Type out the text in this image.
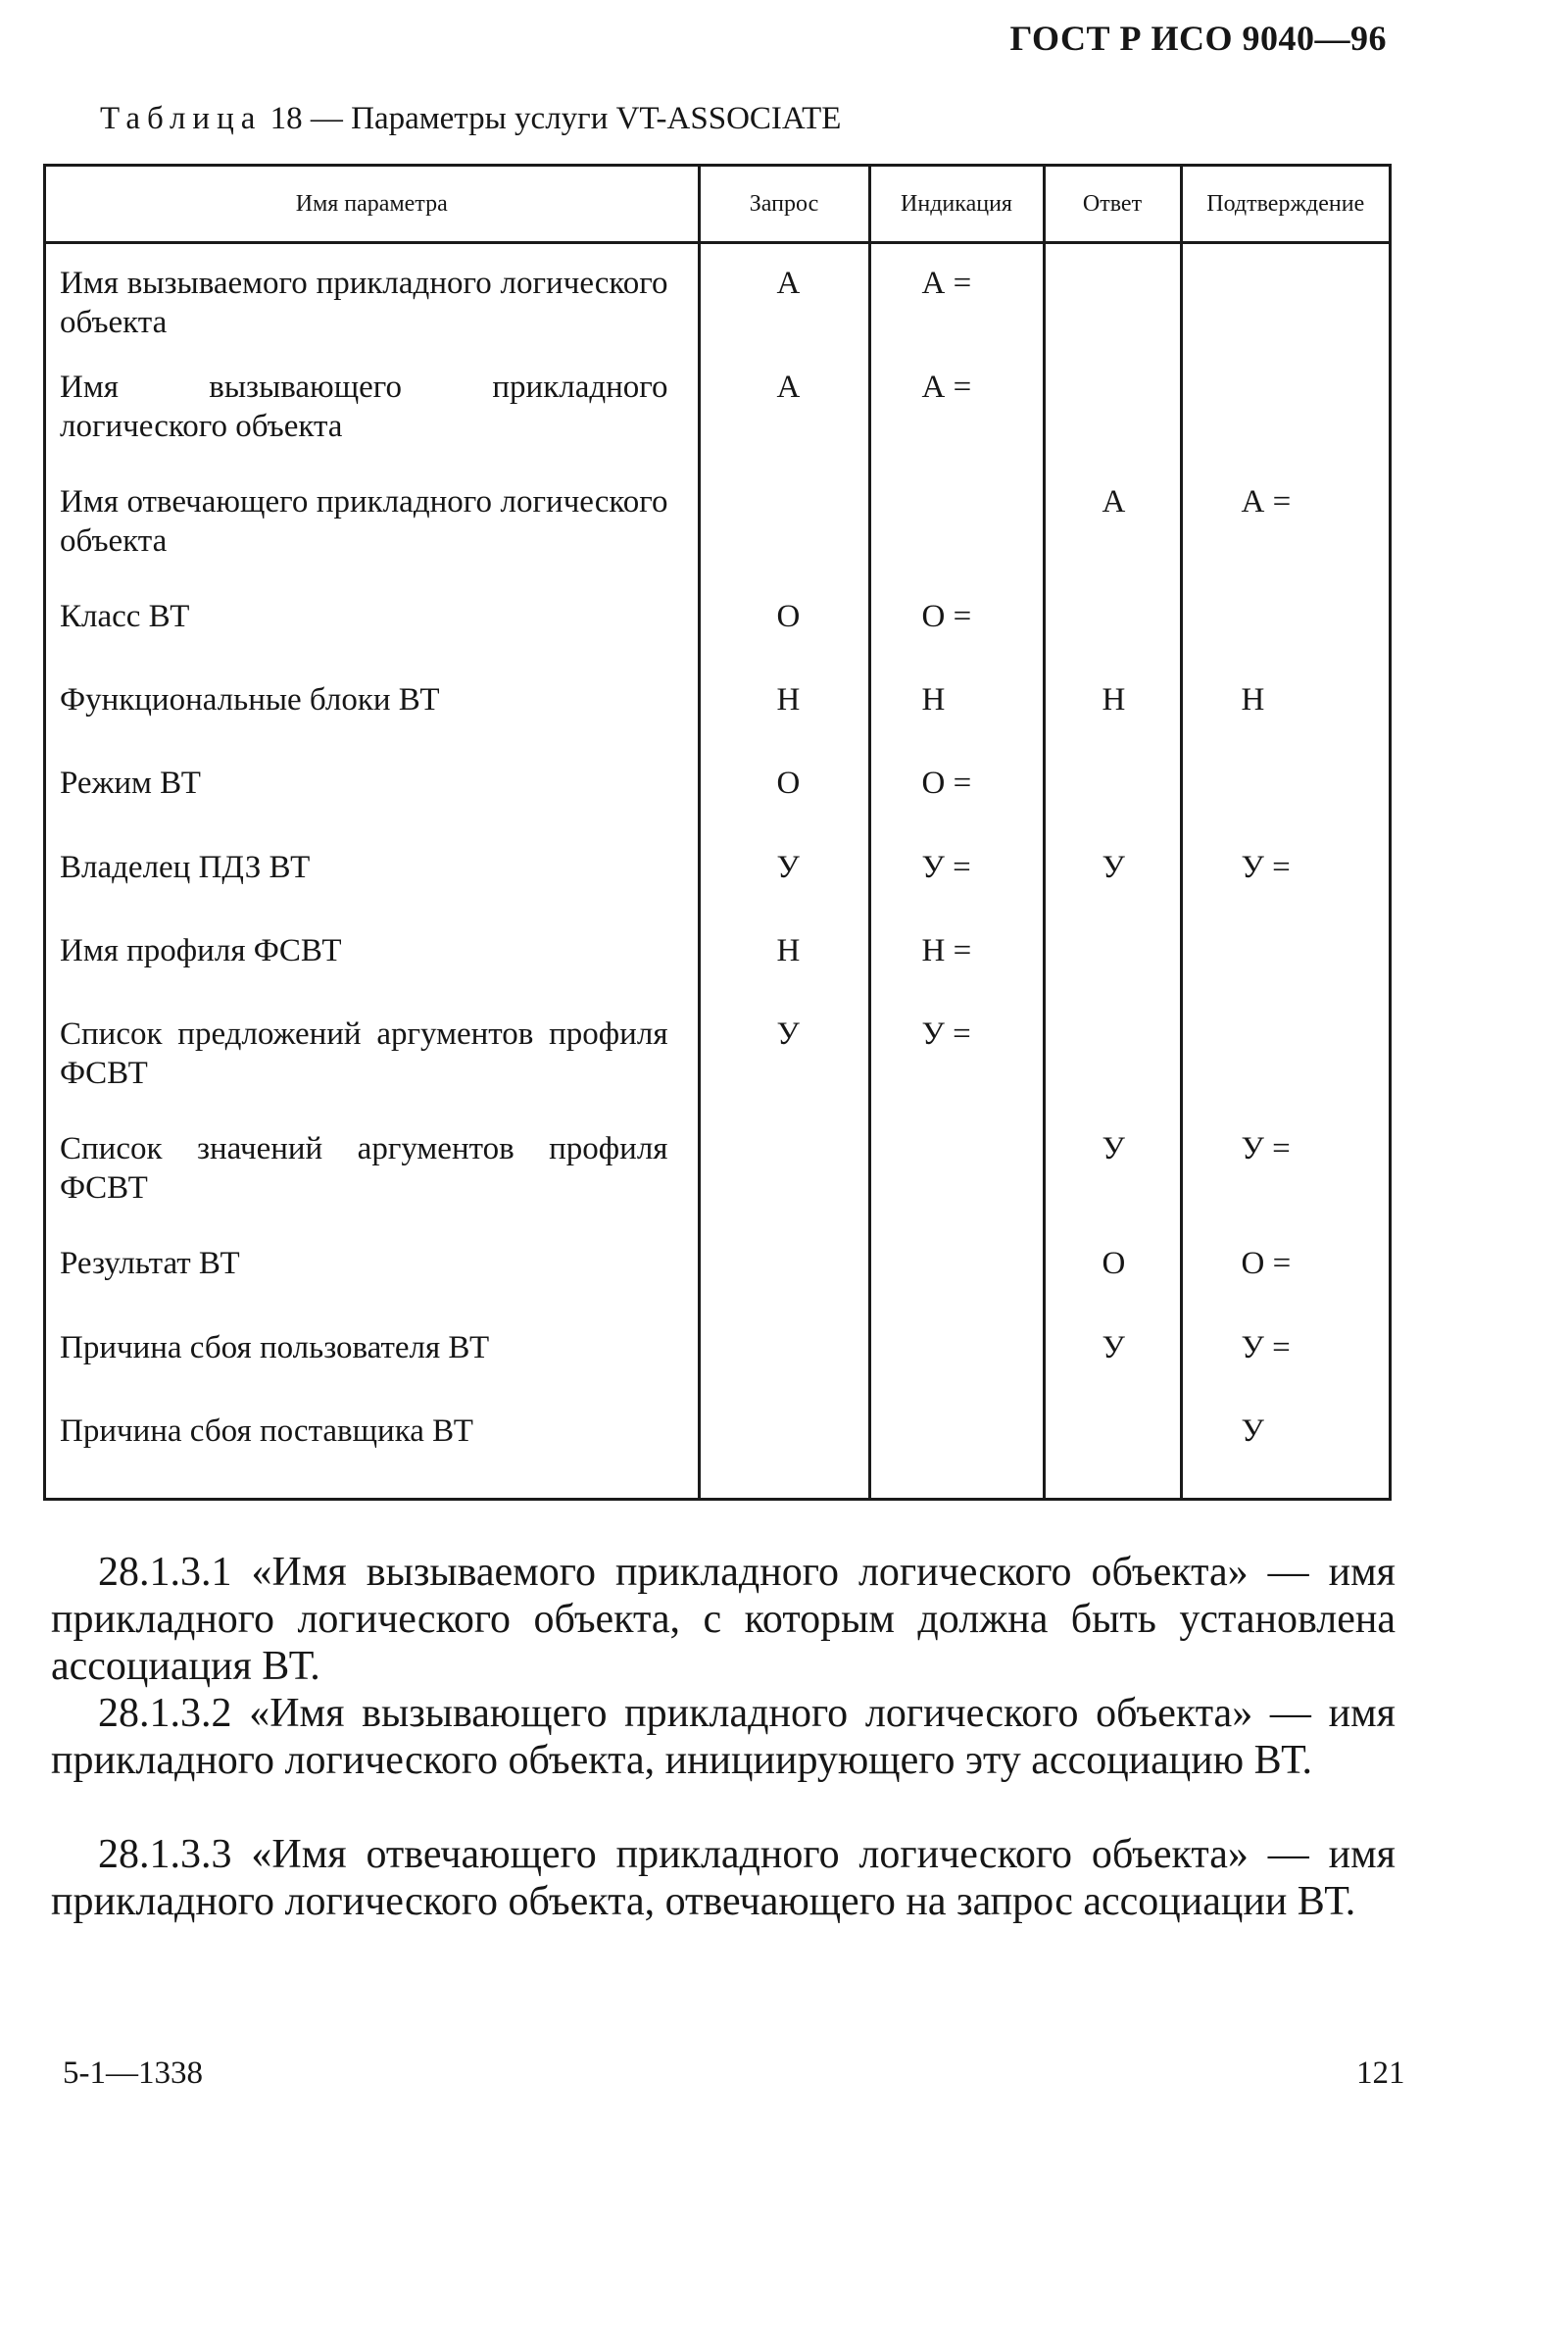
ГОСТ Р ИСО 9040—96
Таблица 18 — Параметры услуги VT-ASSOCIATE
Имя параметра	Запрос	Индикация	Ответ	Подтверждение
Имя вызываемого прикладного логического объекта	А	А =		
Имя вызывающего прикладного логического объекта	А	А =		
Имя отвечающего прикладного логического объекта			А	А =
Класс ВТ	О	О =		
Функциональные блоки ВТ	Н	Н	Н	Н
Режим ВТ	О	О =		
Владелец ПДЗ ВТ	У	У =	У	У =
Имя профиля ФСВТ	Н	Н =		
Список предложений аргументов профиля ФСВТ	У	У =		
Список значений аргументов профиля ФСВТ			У	У =
Результат ВТ			О	О =
Причина сбоя пользователя ВТ			У	У =
Причина сбоя поставщика ВТ				У
28.1.3.1 «Имя вызываемого прикладного логического объекта» — имя прикладного логического объекта, с которым должна быть установлена ассоциация ВТ.
28.1.3.2 «Имя вызывающего прикладного логического объекта» — имя прикладного логического объекта, инициирующего эту ассоциацию ВТ.
28.1.3.3 «Имя отвечающего прикладного логического объекта» — имя прикладного логического объекта, отвечающего на запрос ассоциации ВТ.
5-1—1338	121
